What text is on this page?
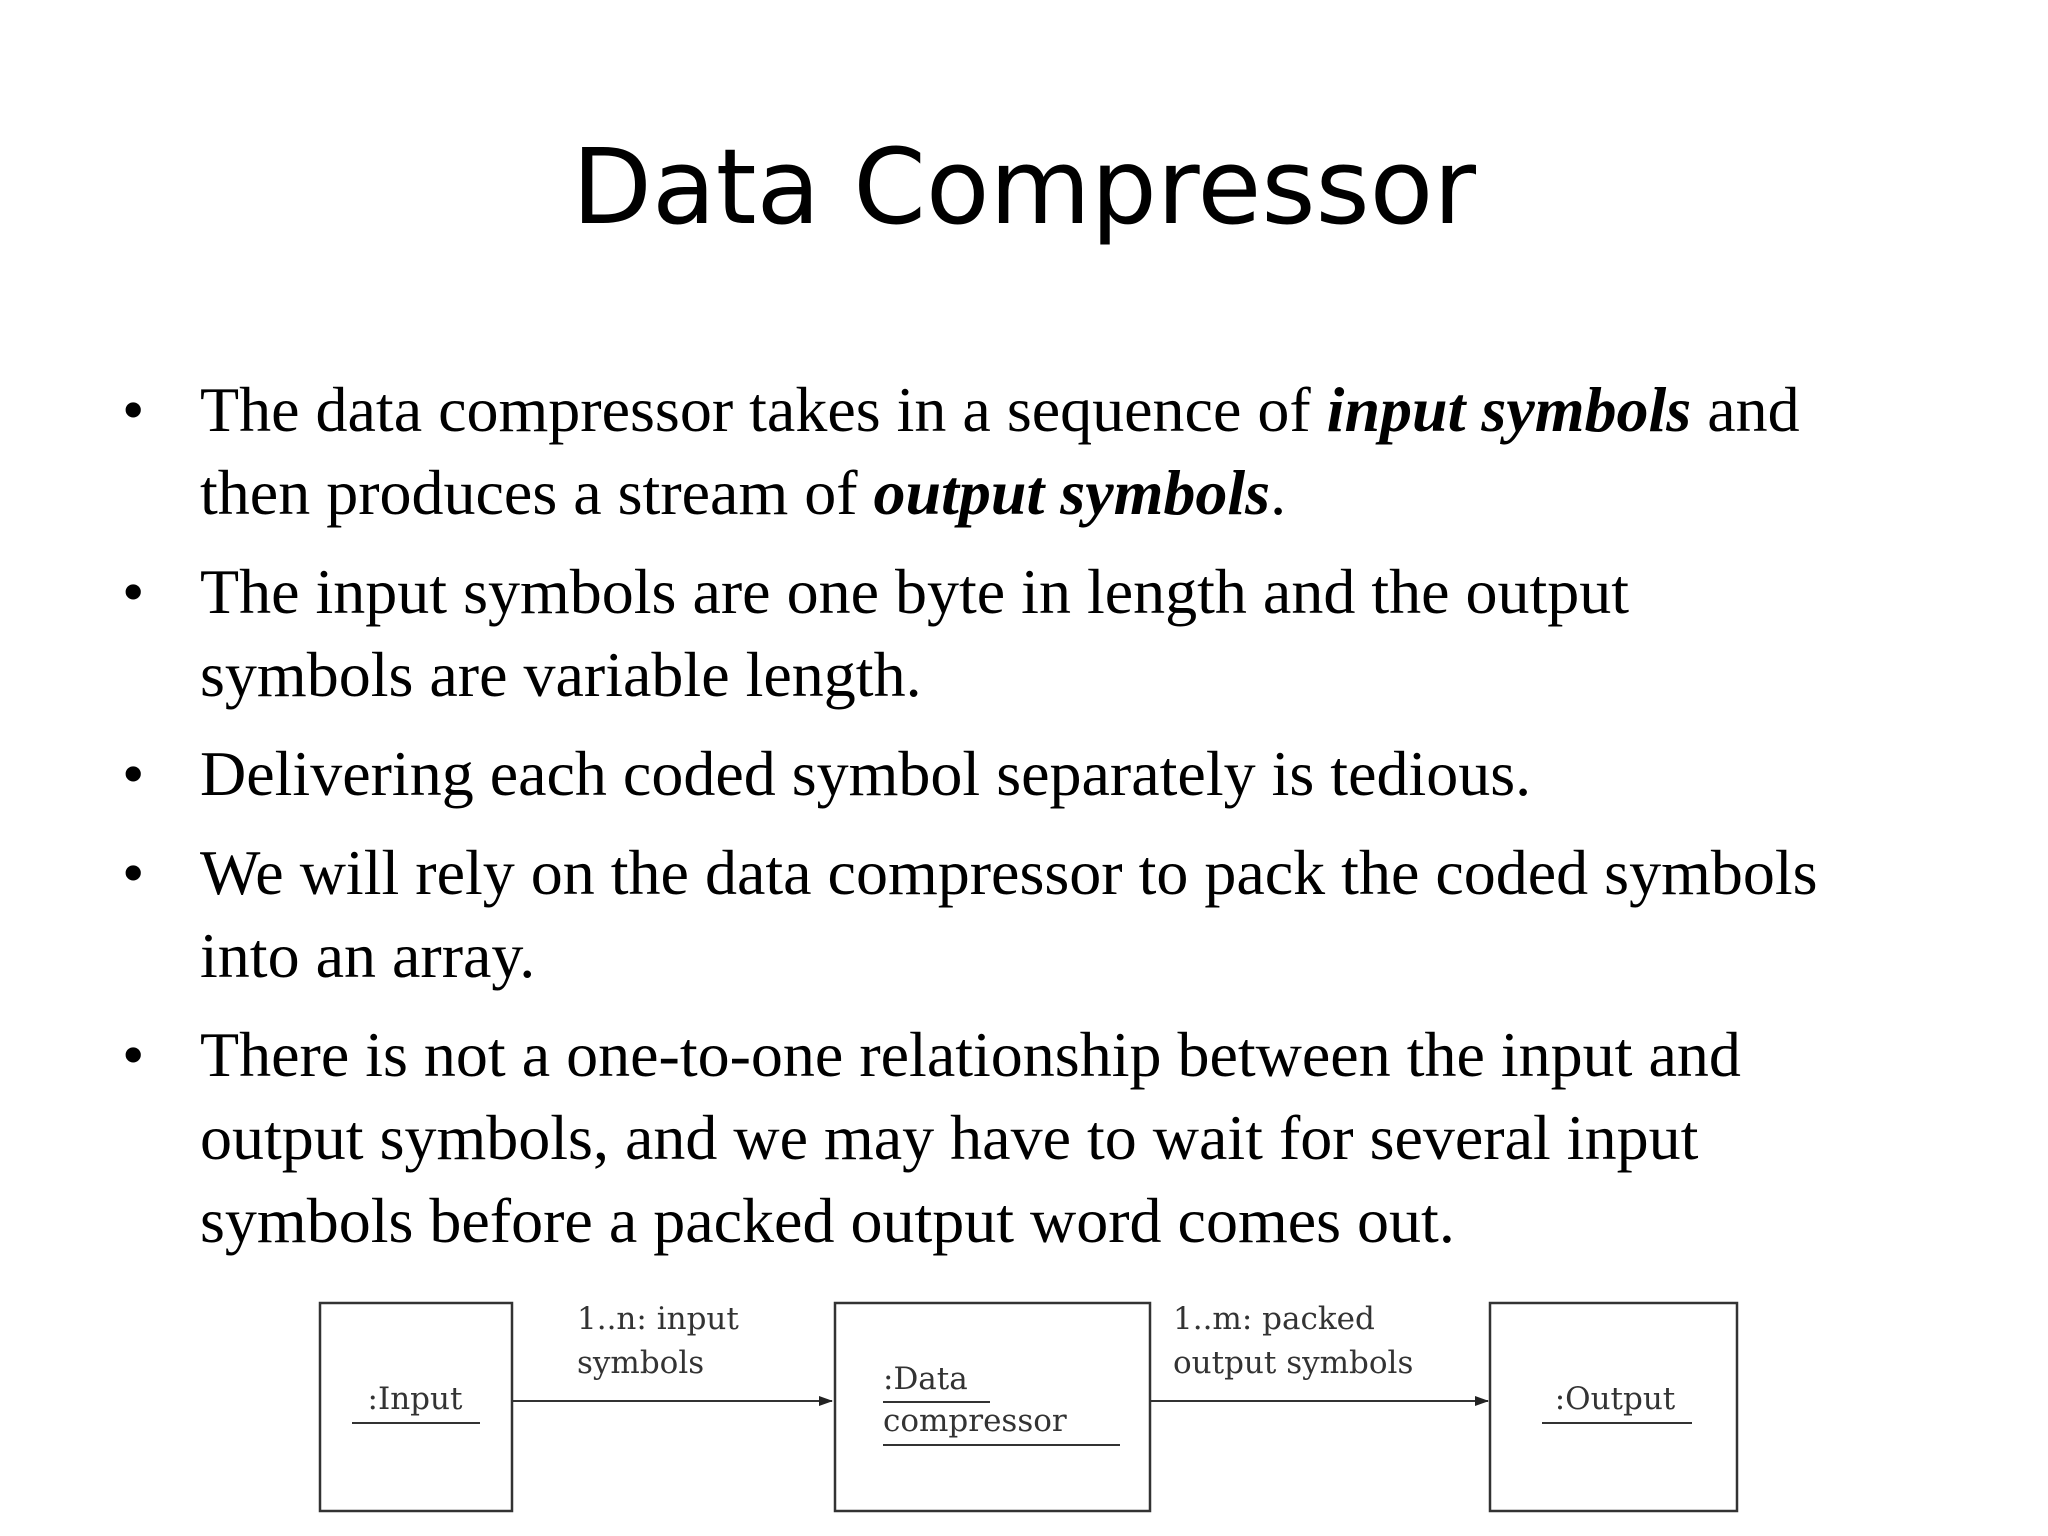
Data Compressor
• The data compressor takes in a sequence of input symbols and
then produces a stream of output symbols.
• The input symbols are one byte in length and the output
symbols are variable length.
• Delivering each coded symbol separately is tedious.
• We will rely on the data compressor to pack the coded symbols
into an array.
• There is not a one-to-one relationship between the input and
output symbols, and we may have to wait for several input
symbols before a packed output word comes out.
:Input
1..n: input
symbols	:Data
compressor
1..m: packed
output symbols
:Output
